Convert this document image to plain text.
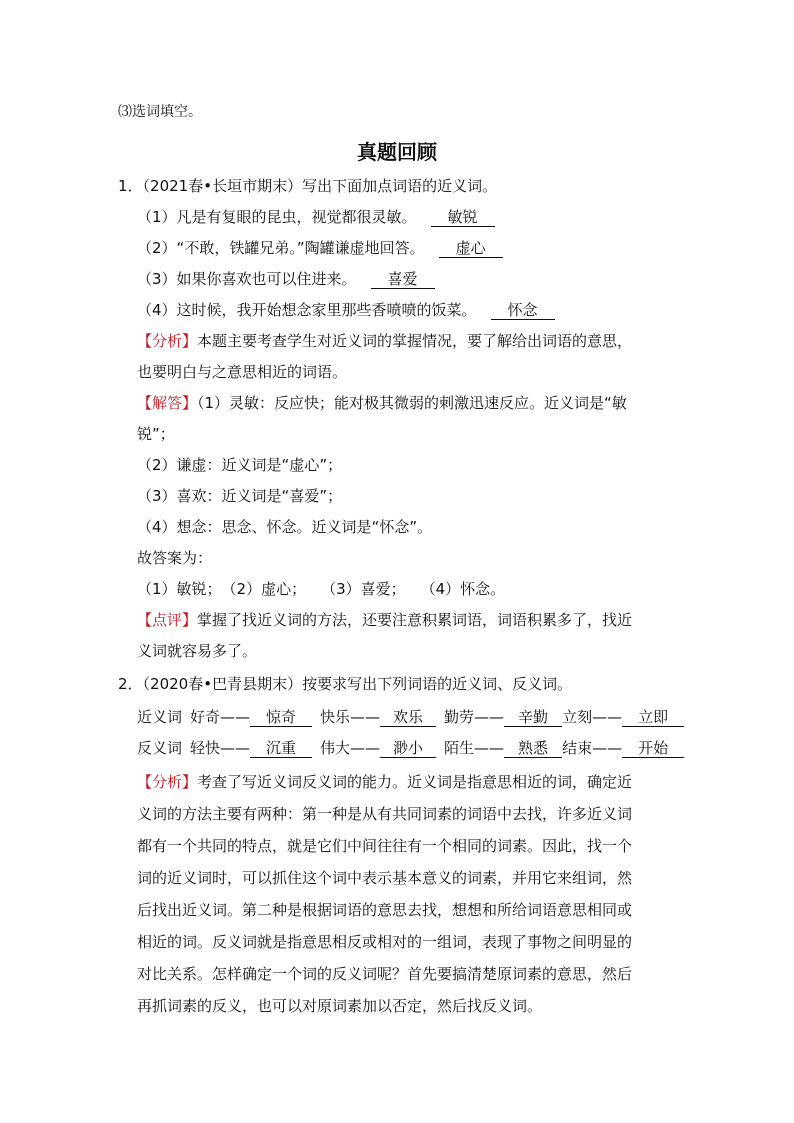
⑶选词填空。
真题回顾
1．（2021春•长垣市期末）写出下面加点词语的近义词。
（1）凡是有复眼的昆虫，视觉都很灵敏。 敏锐
（2）“不敢，铁罐兄弟。”陶罐谦虚地回答。 虚心
（3）如果你喜欢也可以住进来。 喜爱
（4）这时候，我开始想念家里那些香喷喷的饭菜。 怀念
【分析】本题主要考查学生对近义词的掌握情况，要了解给出词语的意思，
也要明白与之意思相近的词语。
【解答】（1）灵敏：反应快；能对极其微弱的刺激迅速反应。近义词是“敏
锐”；
（2）谦虚：近义词是“虚心”；
（3）喜欢：近义词是“喜爱”；
（4）想念：思念、怀念。近义词是“怀念”。
故答案为：
（1）敏锐；　（2）虚心；　　（3）喜爱；　　（4）怀念。
【点评】掌握了找近义词的方法，还要注意积累词语，词语积累多了，找近
义词就容易多了。
2．（2020春•巴青县期末）按要求写出下列词语的近义词、反义词。
近义词 好奇—— 惊奇 快乐—— 欢乐 勤劳—— 辛勤 立刻—— 立即
反义词 轻快—— 沉重 伟大—— 渺小 陌生—— 熟悉 结束—— 开始
【分析】考查了写近义词反义词的能力。近义词是指意思相近的词，确定近
义词的方法主要有两种：第一种是从有共同词素的词语中去找，许多近义词
都有一个共同的特点，就是它们中间往往有一个相同的词素。因此，找一个
词的近义词时，可以抓住这个词中表示基本意义的词素，并用它来组词，然
后找出近义词。第二种是根据词语的意思去找，想想和所给词语意思相同或
相近的词。反义词就是指意思相反或相对的一组词，表现了事物之间明显的
对比关系。怎样确定一个词的反义词呢？首先要搞清楚原词素的意思，然后
再抓词素的反义，也可以对原词素加以否定，然后找反义词。
